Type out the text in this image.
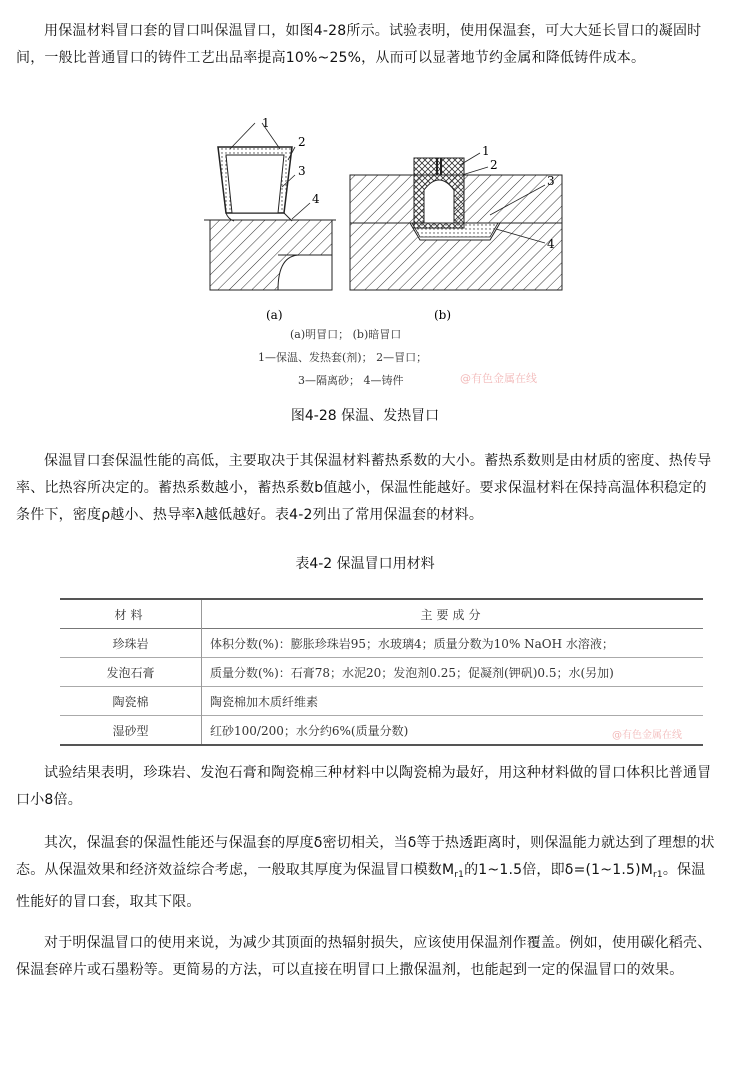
用保温材料冒口套的冒口叫保温冒口，如图4-28所示。试验表明，使用保温套，可大大延长冒口的凝固时间，一般比普通冒口的铸件工艺出品率提高10%~25%，从而可以显著地节约金属和降低铸件成本。

1
2
3
4
(a)
1
2
3
4
(b)
(a)明冒口； (b)暗冒口
1—保温、发热套(剂)； 2—冒口；
3—隔离砂； 4—铸件	@有色金属在线

图4-28 保温、发热冒口

保温冒口套保温性能的高低，主要取决于其保温材料蓄热系数的大小。蓄热系数则是由材质的密度、热传导率、比热容所决定的。蓄热系数越小，蓄热系数b值越小，保温性能越好。要求保温材料在保持高温体积稳定的条件下，密度ρ越小、热导率λ越低越好。表4-2列出了常用保温套的材料。

表4-2 保温冒口用材料

材料	主要成分
珍珠岩	体积分数(%)：膨胀珍珠岩95；水玻璃4；质量分数为10% NaOH 水溶液；
发泡石膏	质量分数(%)：石膏78；水泥20；发泡剂0.25；促凝剂(钾矾)0.5；水(另加)
陶瓷棉	陶瓷棉加木质纤维素
湿砂型	红砂100/200；水分约6%(质量分数)	@有色金属在线

试验结果表明，珍珠岩、发泡石膏和陶瓷棉三种材料中以陶瓷棉为最好，用这种材料做的冒口体积比普通冒口小8倍。

其次，保温套的保温性能还与保温套的厚度δ密切相关，当δ等于热透距离时，则保温能力就达到了理想的状态。从保温效果和经济效益综合考虑，一般取其厚度为保温冒口模数$M_{r1}$的1~1.5倍，即$\delta=(1\sim 1.5)M_{r1}$。保温性能好的冒口套，取其下限。

对于明保温冒口的使用来说，为减少其顶面的热辐射损失，应该使用保温剂作覆盖。例如，使用碳化稻壳、保温套碎片或石墨粉等。更简易的方法，可以直接在明冒口上撒保温剂，也能起到一定的保温冒口的效果。
